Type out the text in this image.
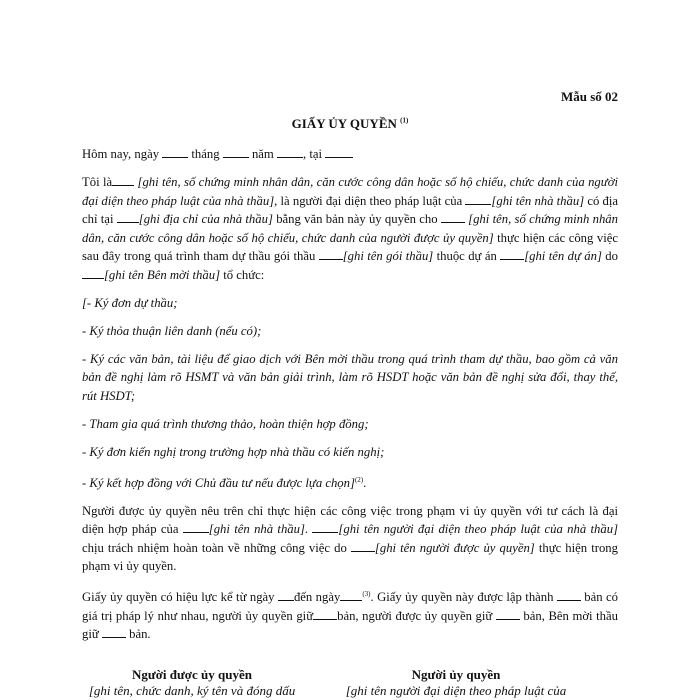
Mẫu số 02
GIẤY ỦY QUYỀN $^{(1)}$

Hôm nay, ngày  tháng  năm , tại

Tôi là [ghi tên, số chứng minh nhân dân, căn cước công dân hoặc số hộ chiếu, chức danh của người đại diện theo pháp luật của nhà thầu], là người đại diện theo pháp luật của [ghi tên nhà thầu] có địa chỉ tại [ghi địa chỉ của nhà thầu] bằng văn bản này ủy quyền cho  [ghi tên, số chứng minh nhân dân, căn cước công dân hoặc số hộ chiếu, chức danh của người được ủy quyền] thực hiện các công việc sau đây trong quá trình tham dự thầu gói thầu [ghi tên gói thầu] thuộc dự án [ghi tên dự án] do[ghi tên Bên mời thầu] tổ chức:

[- Ký đơn dự thầu;

- Ký thỏa thuận liên danh (nếu có);

- Ký các văn bản, tài liệu để giao dịch với Bên mời thầu trong quá trình tham dự thầu, bao gồm cả văn bản đề nghị làm rõ HSMT và văn bản giải trình, làm rõ HSDT hoặc văn bản đề nghị sửa đổi, thay thế, rút HSDT;

- Tham gia quá trình thương thảo, hoàn thiện hợp đồng;

- Ký đơn kiến nghị trong trường hợp nhà thầu có kiến nghị;

- Ký kết hợp đồng với Chủ đầu tư nếu được lựa chọn]$^{(2)}$.

Người được ủy quyền nêu trên chỉ thực hiện các công việc trong phạm vi ủy quyền với tư cách là đại diện hợp pháp của [ghi tên nhà thầu]. [ghi tên người đại diện theo pháp luật của nhà thầu] chịu trách nhiệm hoàn toàn về những công việc do [ghi tên người được ủy quyền] thực hiện trong phạm vi ủy quyền.

Giấy ủy quyền có hiệu lực kể từ ngày đến ngày	$^{(3)}$. Giấy ủy quyền này được lập thành  bản có giá trị pháp lý như nhau, người ủy quyền giữ bản, người được ủy quyền giữ  bản, Bên mời thầu giữ  bản.

Người được ủy quyền
[ghi tên, chức danh, ký tên và đóng dấu
Người ủy quyền
[ghi tên người đại diện theo pháp luật của
